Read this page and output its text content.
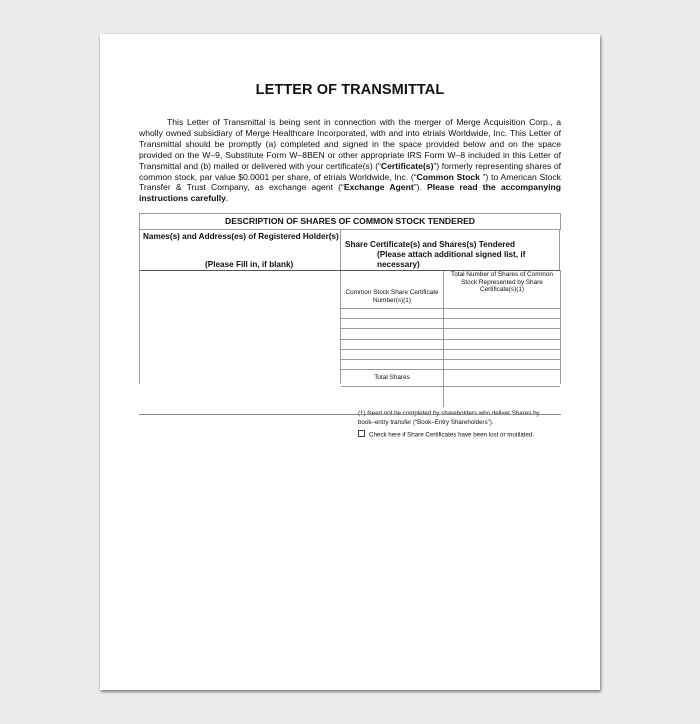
LETTER OF TRANSMITTAL
This Letter of Transmittal is being sent in connection with the merger of Merge Acquisition Corp., a wholly owned subsidiary of Merge Healthcare Incorporated, with and into etrials Worldwide, Inc. This Letter of Transmittal should be promptly (a) completed and signed in the space provided below and on the space provided on the W–9, Substitute Form W–8BEN or other appropriate IRS Form W–8 included in this Letter of Transmittal and (b) mailed or delivered with your certificate(s) (“Certificate(s)”) formerly representing shares of common stock, par value $0.0001 per share, of etrials Worldwide, Inc. (“Common Stock ”) to American Stock Transfer & Trust Company, as exchange agent (“Exchange Agent”). Please read the accompanying instructions carefully.
DESCRIPTION OF SHARES OF COMMON STOCK TENDERED
Names(s) and Address(es) of Registered Holder(s)
(Please Fill in, if blank)
Share Certificate(s) and Shares(s) Tendered
(Please attach additional signed list, if necessary)
Common Stock Share Certificate Number(s)(1)
Total Number of Shares of Common Stock Represented by Share Certificate(s)(1)
Total Shares
book–entry transfer (“Book–Entry Shareholders”).
Check here if Share Certificates have been lost or mutilated.
